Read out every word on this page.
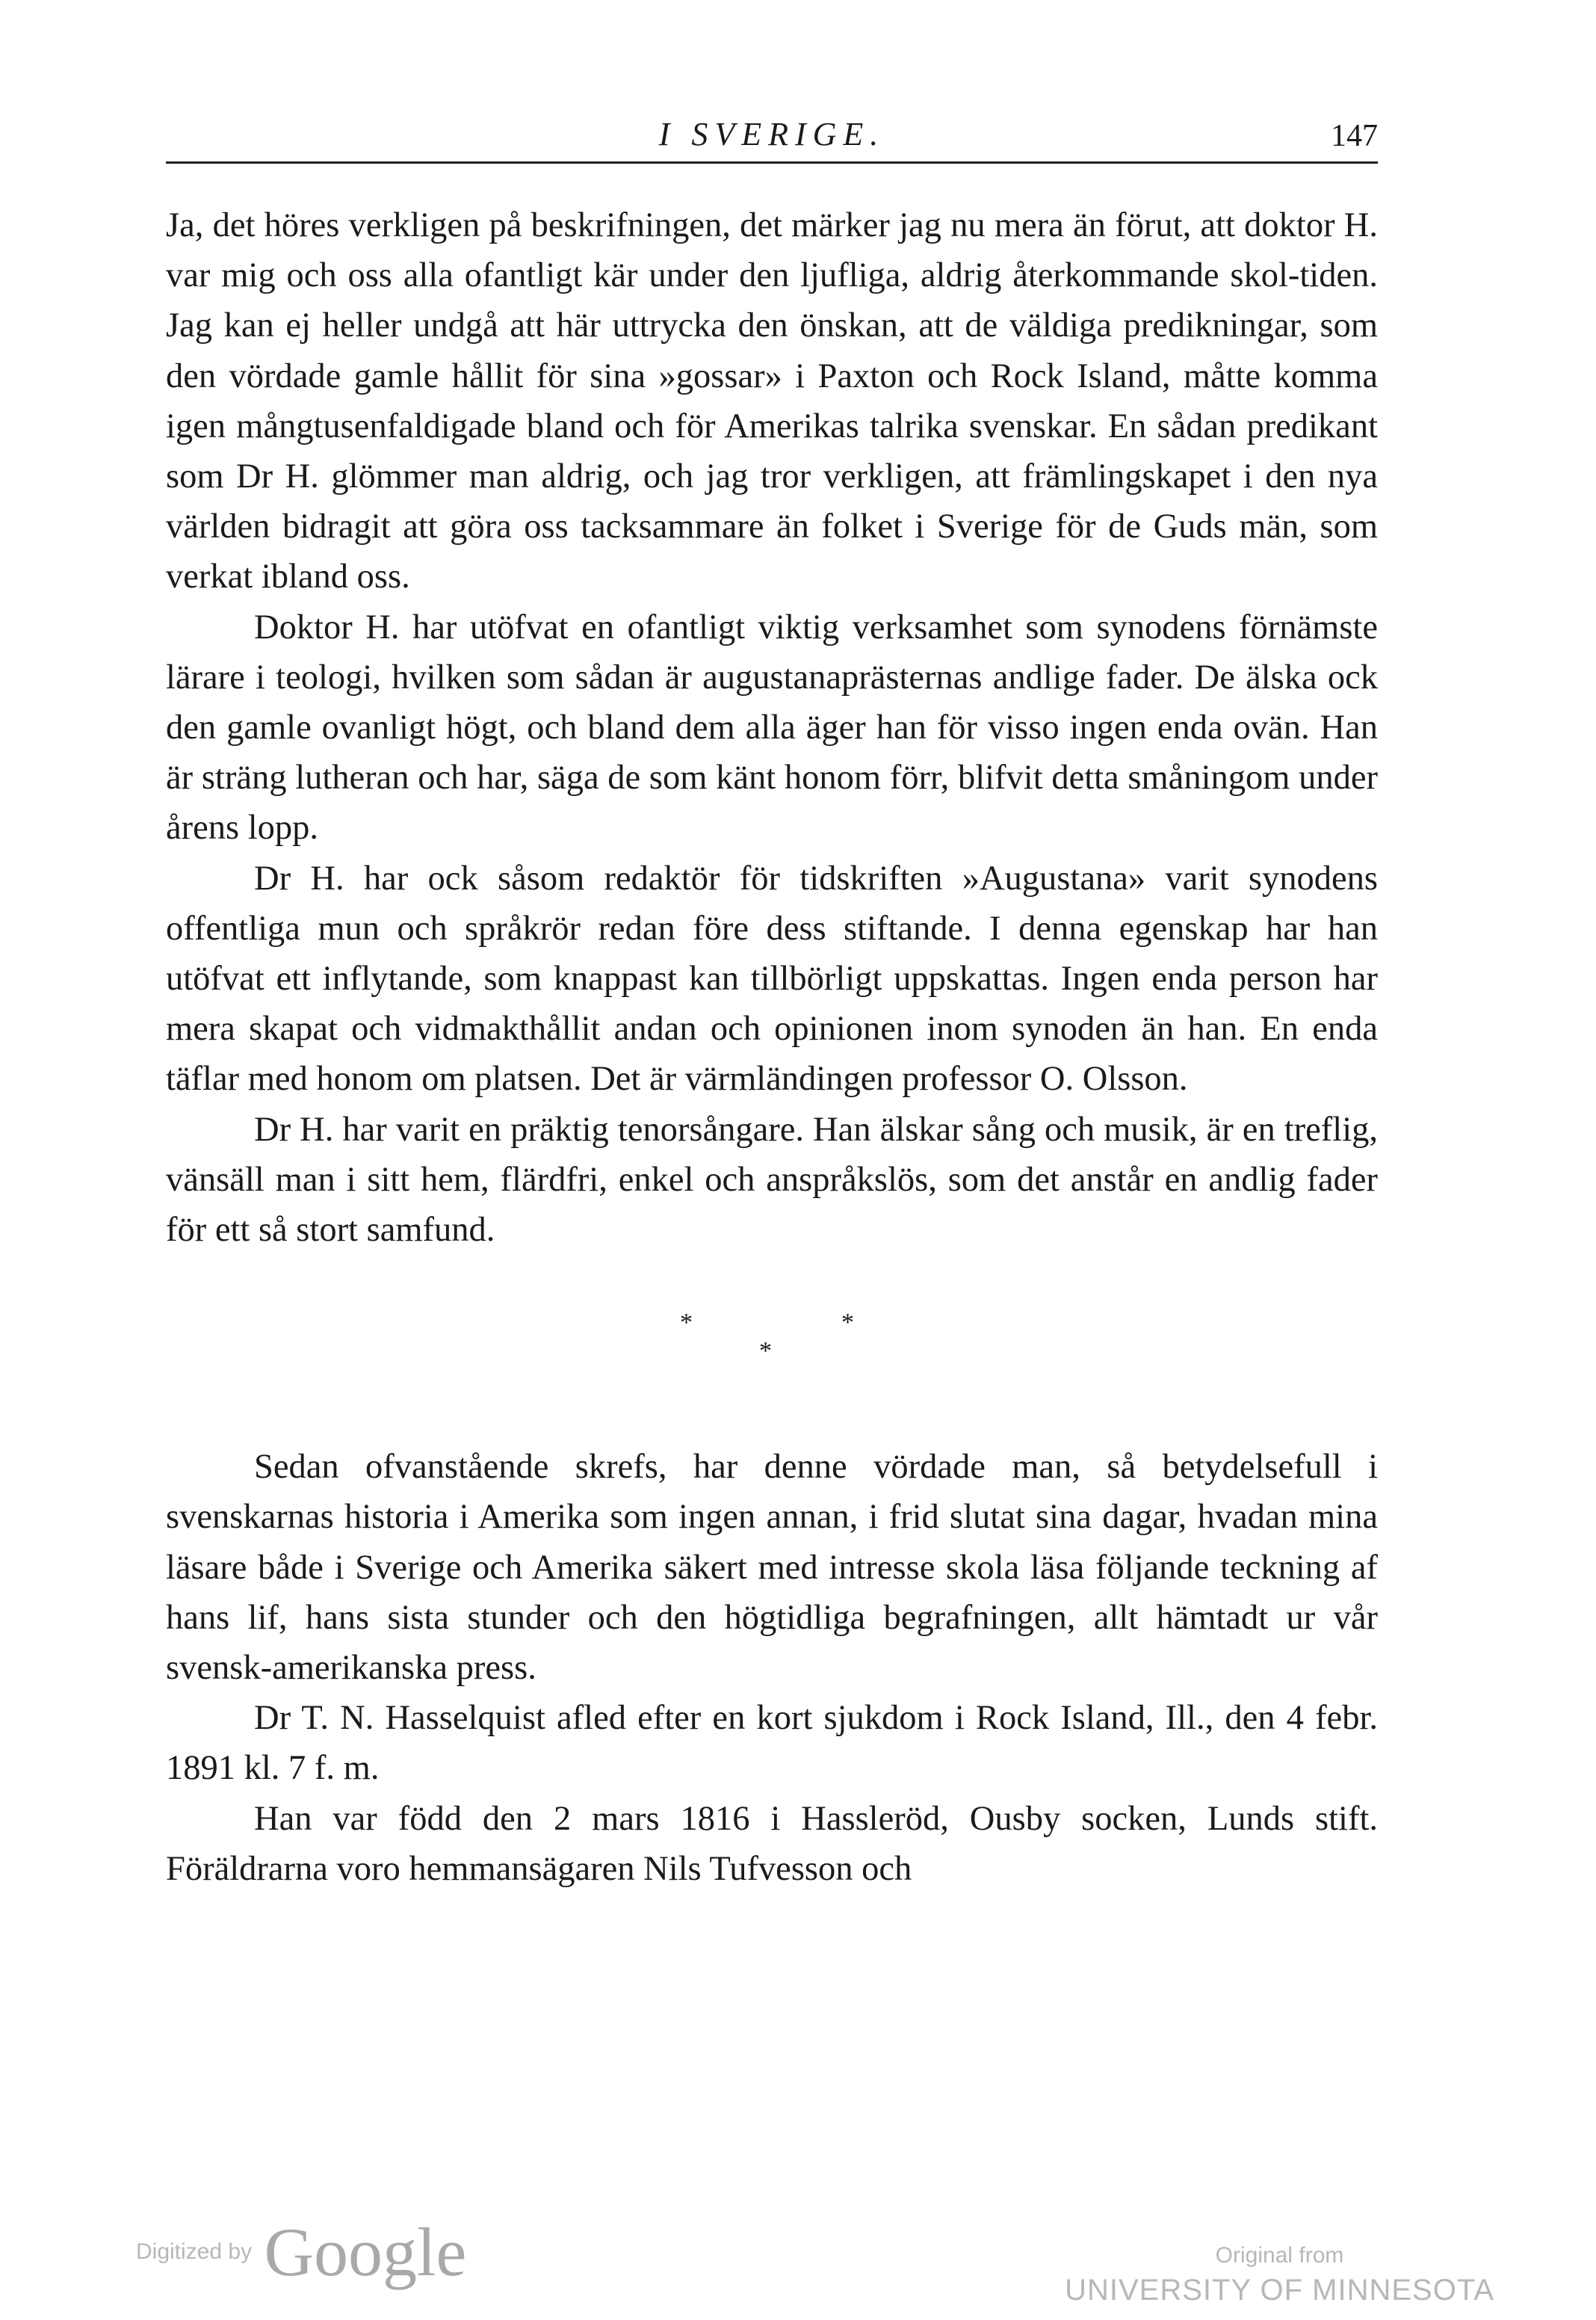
I SVERIGE.	147

Ja, det höres verkligen på beskrifningen, det märker jag nu mera än förut, att doktor H. var mig och oss alla ofantligt kär under den ljufliga, aldrig återkommande skol-tiden. Jag kan ej heller undgå att här uttrycka den önskan, att de väldiga predikningar, som den vördade gamle hållit för sina »gossar» i Paxton och Rock Island, måtte komma igen mångtusenfaldigade bland och för Amerikas talrika svenskar. En sådan predikant som Dr H. glömmer man aldrig, och jag tror verkligen, att främlingskapet i den nya världen bidragit att göra oss tacksammare än folket i Sverige för de Guds män, som verkat ibland oss.

Doktor H. har utöfvat en ofantligt viktig verksamhet som synodens förnämste lärare i teologi, hvilken som sådan är augustanaprästernas andlige fader. De älska ock den gamle ovanligt högt, och bland dem alla äger han för visso ingen enda ovän. Han är sträng lutheran och har, säga de som känt honom förr, blifvit detta småningom under årens lopp.

Dr H. har ock såsom redaktör för tidskriften »Augustana» varit synodens offentliga mun och språkrör redan före dess stiftande. I denna egenskap har han utöfvat ett inflytande, som knappast kan tillbörligt uppskattas. Ingen enda person har mera skapat och vidmakthållit andan och opinionen inom synoden än han. En enda täflar med honom om platsen. Det är värmländingen professor O. Olsson.

Dr H. har varit en präktig tenorsångare. Han älskar sång och musik, är en treflig, vänsäll man i sitt hem, flärdfri, enkel och anspråkslös, som det anstår en andlig fader för ett så stort samfund.

*	*
*

Sedan ofvanstående skrefs, har denne vördade man, så betydelsefull i svenskarnas historia i Amerika som ingen annan, i frid slutat sina dagar, hvadan mina läsare både i Sverige och Amerika säkert med intresse skola läsa följande teckning af hans lif, hans sista stunder och den högtidliga begrafningen, allt hämtadt ur vår svensk-amerikanska press.

Dr T. N. Hasselquist afled efter en kort sjukdom i Rock Island, Ill., den 4 febr. 1891 kl. 7 f. m.

Han var född den 2 mars 1816 i Hassleröd, Ousby socken, Lunds stift. Föräldrarna voro hemmansägaren Nils Tufvesson och

Digitized by Google	Original from
UNIVERSITY OF MINNESOTA
